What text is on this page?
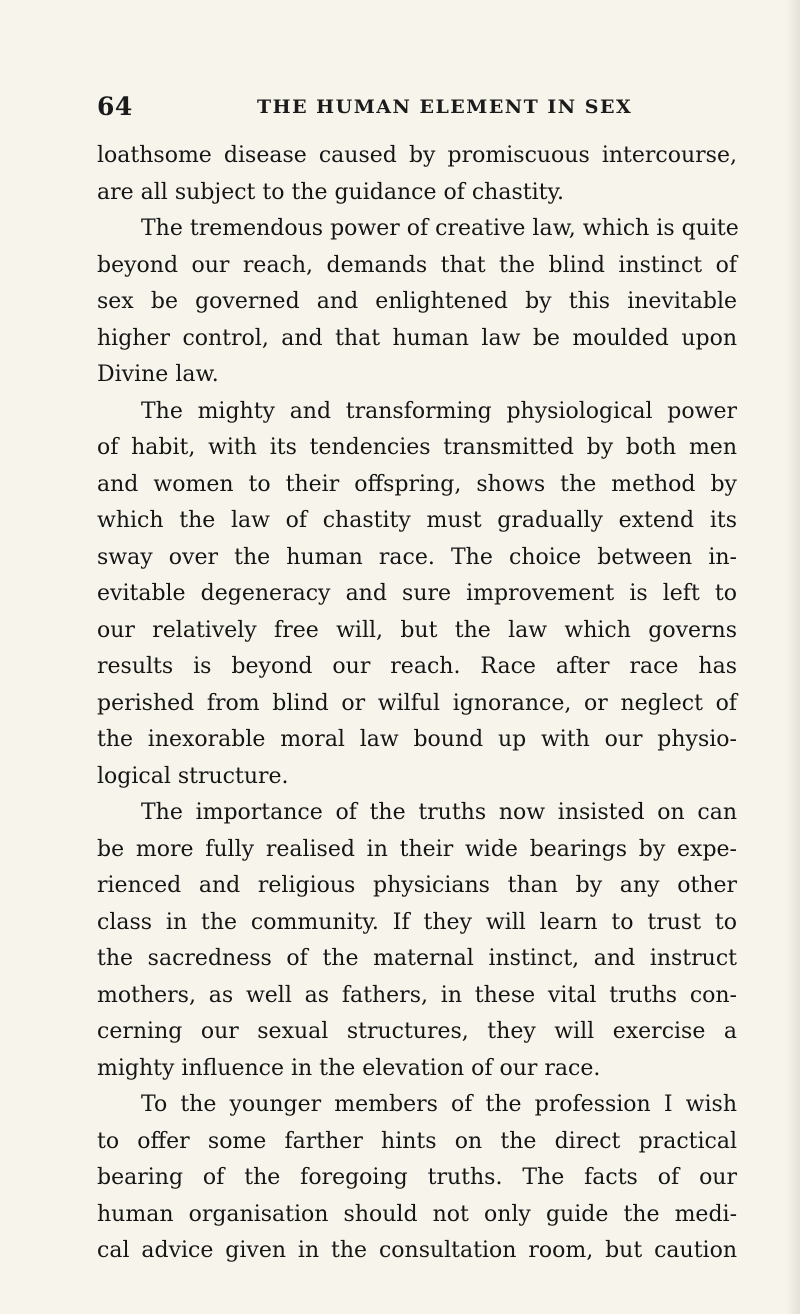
64	THE HUMAN ELEMENT IN SEX
loathsome disease caused by promiscuous intercourse,
are all subject to the guidance of chastity.
The tremendous power of creative law, which is quite
beyond our reach, demands that the blind instinct of
sex be governed and enlightened by this inevitable
higher control, and that human law be moulded upon
Divine law.
The mighty and transforming physiological power
of habit, with its tendencies transmitted by both men
and women to their offspring, shows the method by
which the law of chastity must gradually extend its
sway over the human race. The choice between in-
evitable degeneracy and sure improvement is left to
our relatively free will, but the law which governs
results is beyond our reach. Race after race has
perished from blind or wilful ignorance, or neglect of
the inexorable moral law bound up with our physio-
logical structure.
The importance of the truths now insisted on can
be more fully realised in their wide bearings by expe-
rienced and religious physicians than by any other
class in the community. If they will learn to trust to
the sacredness of the maternal instinct, and instruct
mothers, as well as fathers, in these vital truths con-
cerning our sexual structures, they will exercise a
mighty influence in the elevation of our race.
To the younger members of the profession I wish
to offer some farther hints on the direct practical
bearing of the foregoing truths. The facts of our
human organisation should not only guide the medi-
cal advice given in the consultation room, but caution
